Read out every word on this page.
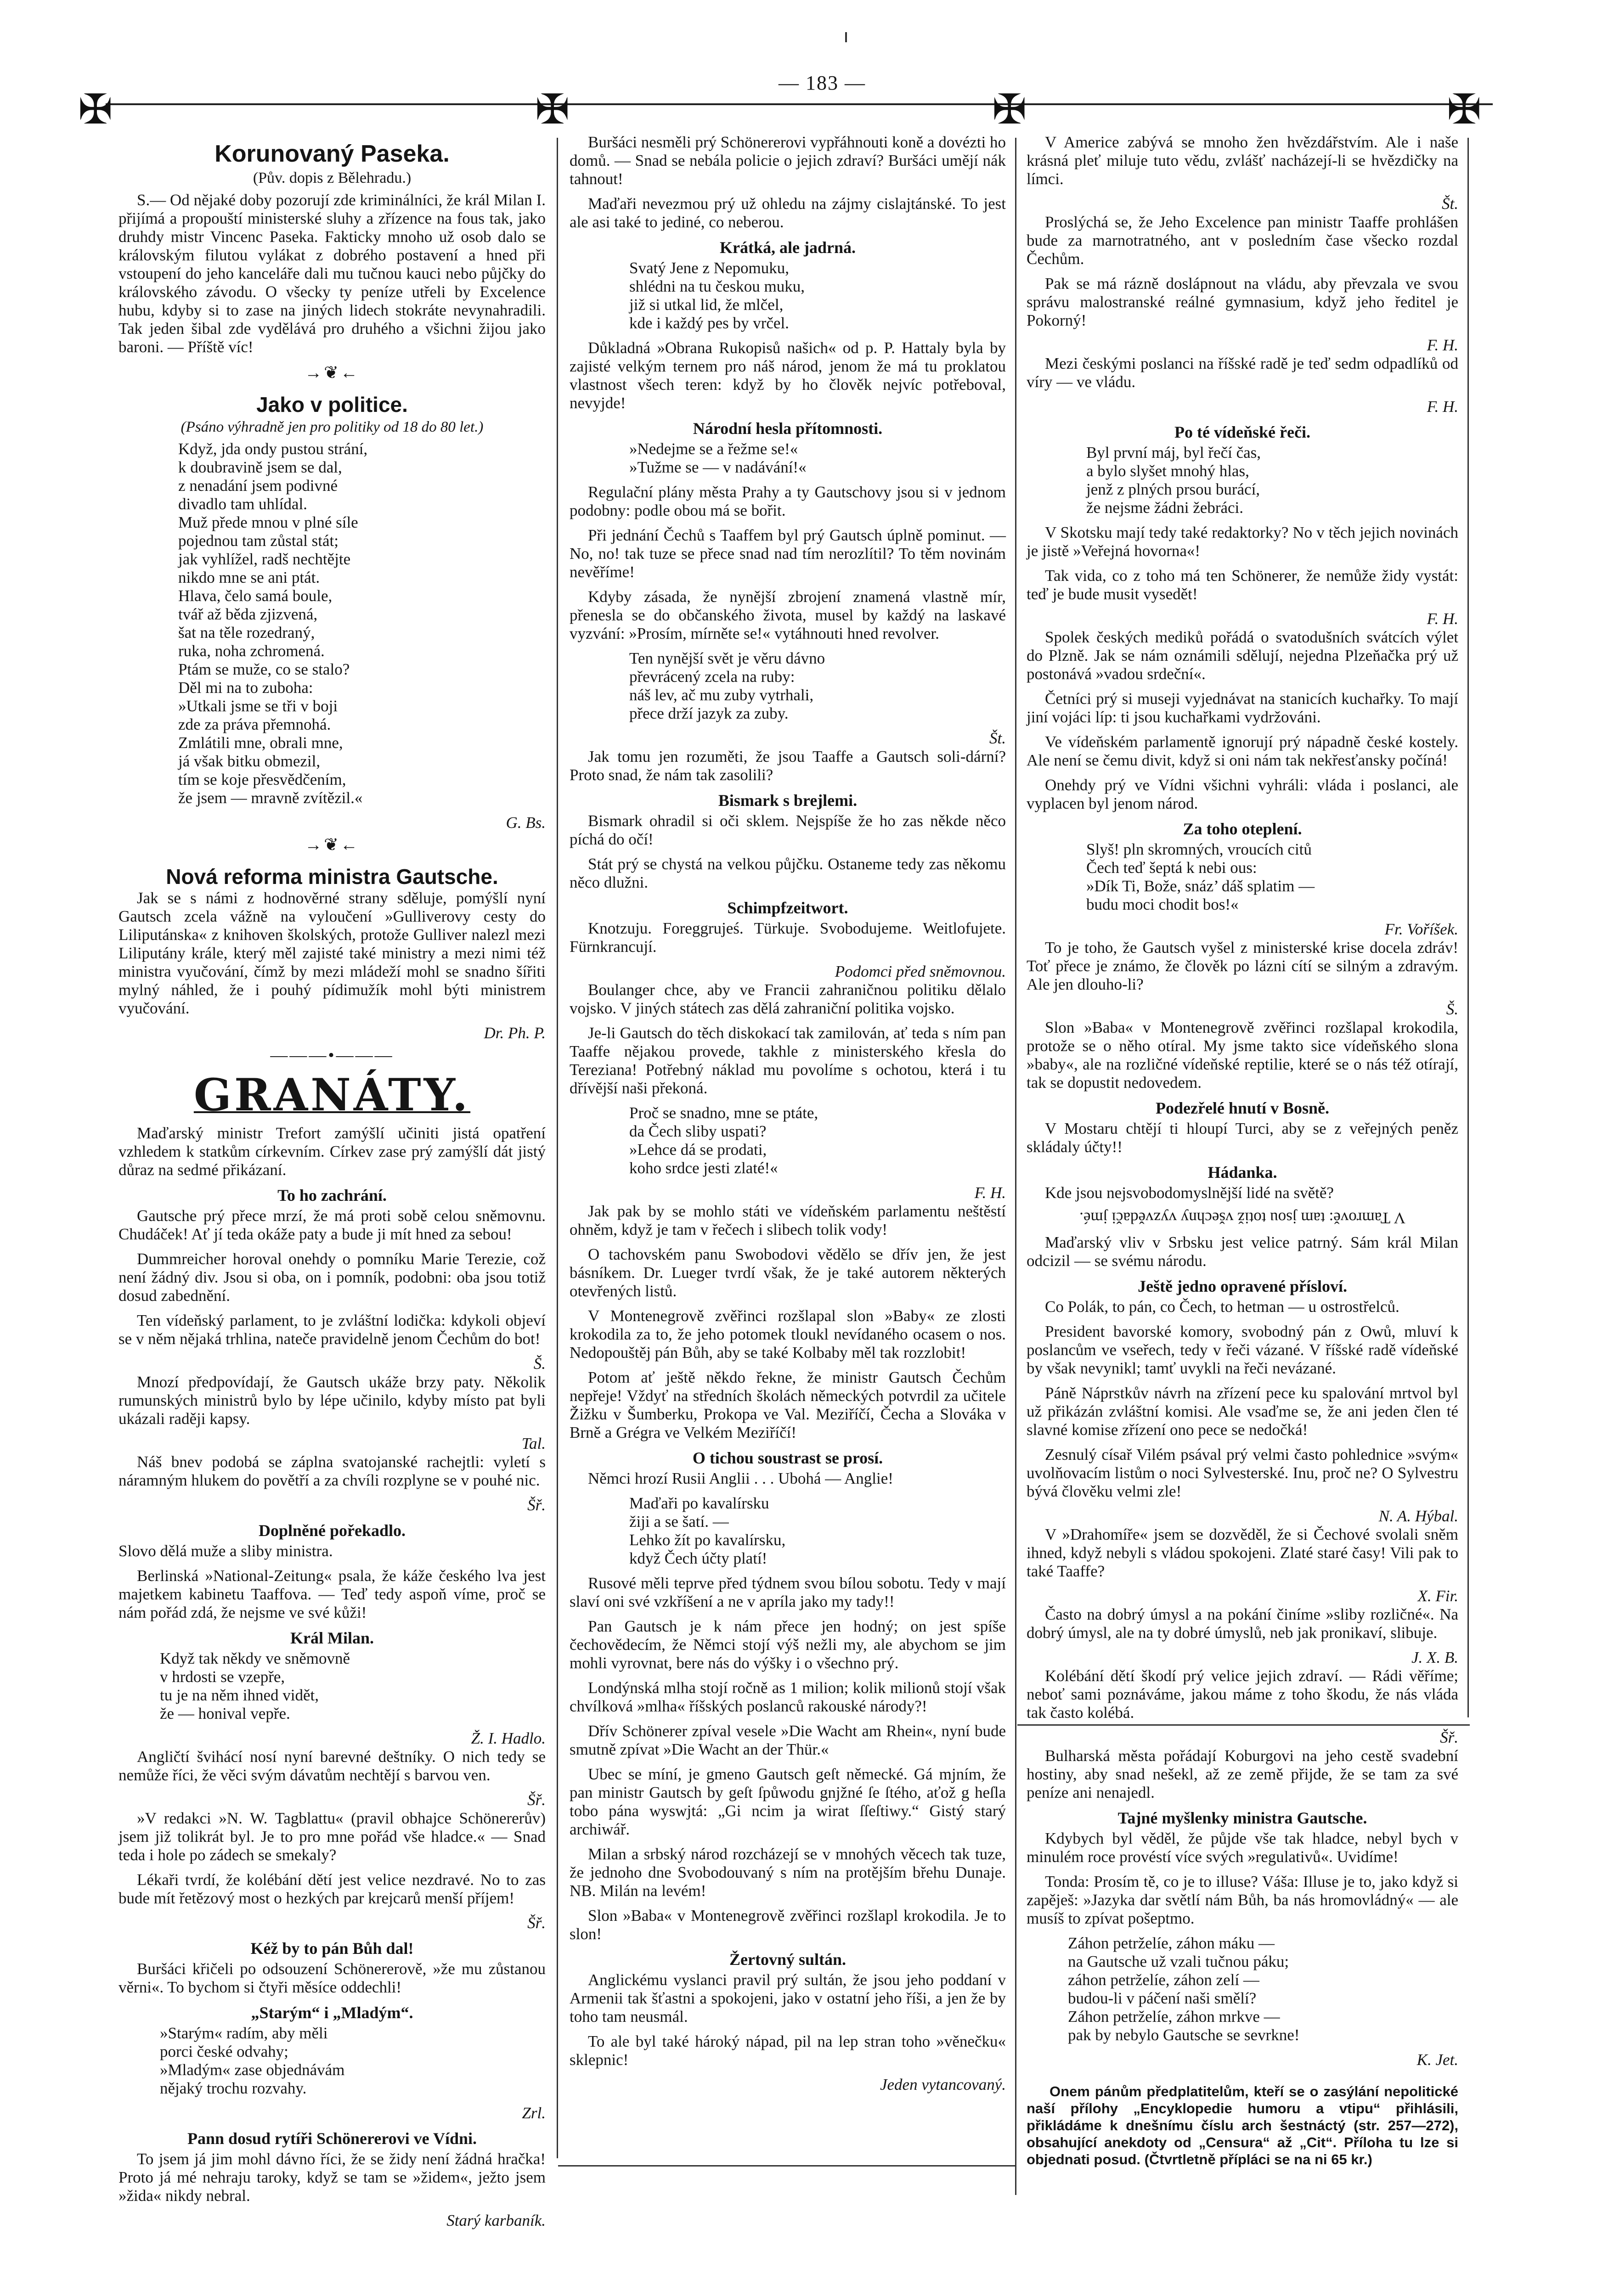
— 183 —
✠	✠	✠	✠
Korunovaný Paseka.
(Pův. dopis z Bělehradu.)

S.— Od nějaké doby pozorují zde kriminálníci, že král Milan I. přijímá a propouští ministerské sluhy a zřízence na fous tak, jako druhdy mistr Vincenc Paseka. Fakticky mnoho už osob dalo se královským filutou vylákat z dobrého postavení a hned při vstoupení do jeho kanceláře dali mu tučnou kauci nebo půjčky do královského závodu. O všecky ty peníze utřeli by Excelence hubu, kdyby si to zase na jiných lidech stokráte nevynahradili. Tak jeden šibal zde vydělává pro druhého a všichni žijou jako baroni. — Příště víc!

→❦←
Jako v politice.
(Psáno výhradně jen pro politiky od 18 do 80 let.)
Když, jda ondy pustou strání,
k doubravině jsem se dal,
z nenadání jsem podivné
divadlo tam uhlídal.
Muž přede mnou v plné síle
pojednou tam zůstal stát;
jak vyhlížel, radš nechtějte
nikdo mne se ani ptát.
Hlava, čelo samá boule,
tvář až běda zjizvená,
šat na těle rozedraný,
ruka, noha zchromená.
Ptám se muže, co se stalo?
Děl mi na to zuboha:
»Utkali jsme se tři v boji
zde za práva přemnohá.
Zmlátili mne, obrali mne,
já však bitku obmezil,
tím se koje přesvědčením,
že jsem — mravně zvítězil.«
G. Bs.
→❦←
Nová reforma ministra Gautsche.

Jak se s námi z hodnověrné strany sděluje, pomýšlí nyní Gautsch zcela vážně na vyloučení »Gulliverovy cesty do Liliputánska« z knihoven školských, protože Gulliver nalezl mezi Liliputány krále, který měl zajisté také ministry a mezi nimi též ministra vyučování, čímž by mezi mládeží mohl se snadno šířiti mylný náhled, že i pouhý pídimužík mohl býti ministrem vyučování.

Dr. Ph. P.
———•———
GRANÁTY.

Maďarský ministr Trefort zamýšlí učiniti jistá opatření vzhledem k statkům církevním. Církev zase prý zamýšlí dát jistý důraz na sedmé přikázaní.

To ho zachrání.

Gautsche prý přece mrzí, že má proti sobě celou sněmovnu. Chudáček! Ať jí teda okáže paty a bude ji mít hned za sebou!

Dummreicher horoval onehdy o pomníku Marie Terezie, což není žádný div. Jsou si oba, on i pomník, podobni: oba jsou totiž dosud zabednění.

Ten vídeňský parlament, to je zvláštní lodička: kdykoli objeví se v něm nějaká trhlina, nateče pravidelně jenom Čechům do bot!

Š.

Mnozí předpovídají, že Gautsch ukáže brzy paty. Několik rumunských ministrů bylo by lépe učinilo, kdyby místo pat byli ukázali raději kapsy.

Tal.

Náš bnev podobá se záplna svatojanské rachejtli: vyletí s náramným hlukem do povětří a za chvíli rozplyne se v pouhé nic.

Šř.
Doplněné pořekadlo.

Slovo dělá muže a sliby ministra.

Berlinská »National-Zeitung« psala, že káže českého lva jest majetkem kabinetu Taaffova. — Teď tedy aspoň víme, proč se nám pořád zdá, že nejsme ve své kůži!

Král Milan.
Když tak někdy ve sněmovně
v hrdosti se vzepře,
tu je na něm ihned vidět,
že — honival vepře.
Ž. I. Hadlo.

Angličtí švihácí nosí nyní barevné deštníky. O nich tedy se nemůže říci, že věci svým dávatům nechtějí s barvou ven.

Šř.

»V redakci »N. W. Tagblattu« (pravil obhajce Schönererův) jsem již tolikrát byl. Je to pro mne pořád vše hladce.« — Snad teda i hole po zádech se smekaly?

Lékaři tvrdí, že kolébání dětí jest velice nezdravé. No to zas bude mít řetězový most o hezkých par krejcarů menší příjem!

Šř.
Kéž by to pán Bůh dal!

Buršáci křičeli po odsouzení Schönererově, »že mu zůstanou věrni«. To bychom si čtyři měsíce oddechli!

„Starým“ i „Mladým“.
»Starým« radím, aby měli
porci české odvahy;
»Mladým« zase objednávám
nějaký trochu rozvahy.
Zrl.
Pann dosud rytíři Schönererovi ve Vídni.

To jsem já jim mohl dávno říci, že se židy není žádná hračka! Proto já mé nehraju taroky, když se tam se »židem«, ježto jsem »žida« nikdy nebral.

Starý karbaník.

Buršáci nesměli prý Schönererovi vypřáhnouti koně a dovézti ho domů. — Snad se nebála policie o jejich zdraví? Buršáci umějí nák tahnout!

Maďaři nevezmou prý už ohledu na zájmy cislajtánské. To jest ale asi také to jediné, co neberou.

Krátká, ale jadrná.
Svatý Jene z Nepomuku,
shlédni na tu českou muku,
již si utkal lid, že mlčel,
kde i každý pes by vrčel.

Důkladná »Obrana Rukopisů našich« od p. P. Hattaly byla by zajisté velkým ternem pro náš národ, jenom že má tu proklatou vlastnost všech teren: když by ho člověk nejvíc potřeboval, nevyjde!

Národní hesla přítomnosti.
»Nedejme se a řežme se!«
»Tužme se — v nadávání!«

Regulační plány města Prahy a ty Gautschovy jsou si v jednom podobny: podle obou má se bořit.

Při jednání Čechů s Taaffem byl prý Gautsch úplně pominut. — No, no! tak tuze se přece snad nad tím nerozlítil? To těm novinám nevěříme!

Kdyby zásada, že nynější zbrojení znamená vlastně mír, přenesla se do občanského života, musel by každý na laskavé vyzvání: »Prosím, mírněte se!« vytáhnouti hned revolver.

Ten nynější svět je věru dávno
převrácený zcela na ruby:
náš lev, ač mu zuby vytrhali,
přece drží jazyk za zuby.
Št.

Jak tomu jen rozuměti, že jsou Taaffe a Gautsch soli-dární? Proto snad, že nám tak zasolili?

Bismark s brejlemi.

Bismark ohradil si oči sklem. Nejspíše že ho zas někde něco píchá do očí!

Stát prý se chystá na velkou půjčku. Ostaneme tedy zas někomu něco dlužni.

Schimpfzeitwort.

Knotzuju. Foreggrujeś. Türkuje. Svobodujeme. Weitlofujete. Fürnkrancují.

Podomci před sněmovnou.

Boulanger chce, aby ve Francii zahraničnou politiku dělalo vojsko. V jiných státech zas dělá zahraniční politika vojsko.

Je-li Gautsch do těch diskokací tak zamilován, ať teda s ním pan Taaffe nějakou provede, takhle z ministerského křesla do Tereziana! Potřebný náklad mu povolíme s ochotou, která i tu dřívější naši překoná.

Proč se snadno, mne se ptáte,
da Čech sliby uspati?
»Lehce dá se prodati,
koho srdce jesti zlaté!«
F. H.

Jak pak by se mohlo státi ve vídeňském parlamentu neštěstí ohněm, když je tam v řečech i slibech tolik vody!

O tachovském panu Swobodovi vědělo se dřív jen, že jest básníkem. Dr. Lueger tvrdí však, že je také autorem některých otevřených listů.

V Montenegrově zvěřinci rozšlapal slon »Baby« ze zlosti krokodila za to, že jeho potomek tloukl nevídaného ocasem o nos. Nedopouštěj pán Bůh, aby se také Kolbaby měl tak rozzlobit!

Potom ať ještě někdo řekne, že ministr Gautsch Čechům nepřeje! Vždyť na středních školách německých potvrdil za učitele Žižku v Šumberku, Prokopa ve Val. Meziříčí, Čecha a Slováka v Brně a Grégra ve Velkém Meziříčí!

O tichou soustrast se prosí.

Němci hrozí Rusii Anglii . . . Ubohá — Anglie!

Maďaři po kavalírsku
žiji a se šatí. —
Lehko žít po kavalírsku,
když Čech účty platí!

Rusové měli teprve před týdnem svou bílou sobotu. Tedy v mají slaví oni své vzkříšení a ne v apríla jako my tady!!

Pan Gautsch je k nám přece jen hodný; on jest spíše čechovědecím, že Němci stojí výš nežli my, ale abychom se jim mohli vyrovnat, bere nás do výšky i o všechno prý.

Londýnská mlha stojí ročně as 1 milion; kolik milionů stojí však chvílková »mlha« říšských poslanců rakouské národy?!

Dřív Schönerer zpíval vesele »Die Wacht am Rhein«, nyní bude smutně zpívat »Die Wacht an der Thür.«

Ubec se míní, je gmeno Gautsch geſt německé. Gá mjním, že pan ministr Gautsch by geſt ſpůwodu gnjžné ſe ſtého, aťož g heſla tobo pána wyswjtá: „Gi ncim ja wirat ſſeſtiwy.“ Gistý starý archiwář.

Milan a srbský národ rozcházejí se v mnohých věcech tak tuze, že jednoho dne Svobodouvaný s ním na protějším břehu Dunaje. NB. Milán na levém!

Slon »Baba« v Montenegrově zvěřinci rozšlapl krokodila. Je to slon!

Žertovný sultán.

Anglickému vyslanci pravil prý sultán, že jsou jeho poddaní v Armenii tak šťastni a spokojeni, jako v ostatní jeho říši, a jen že by toho tam neusmál.

To ale byl také hároký nápad, pil na lep stran toho »věnečku« sklepnic!

Jeden vytancovaný.

V Americe zabývá se mnoho žen hvězdářstvím. Ale i naše krásná pleť miluje tuto vědu, zvlášť nacházejí-li se hvězdičky na límci.

Št.

Proslýchá se, že Jeho Excelence pan ministr Taaffe prohlášen bude za marnotratného, ant v posledním čase všecko rozdal Čechům.

Pak se má rázně doslápnout na vládu, aby převzala ve svou správu malostranské reálné gymnasium, když jeho ředitel je Pokorný!

F. H.

Mezi českými poslanci na říšské radě je teď sedm odpadlíků od víry — ve vládu.

F. H.
Po té vídeňské řeči.
Byl první máj, byl řečí čas,
a bylo slyšet mnohý hlas,
jenž z plných prsou burácí,
že nejsme žádni žebráci.

V Skotsku mají tedy také redaktorky? No v těch jejich novinách je jistě »Veřejná hovorna«!

Tak vida, co z toho má ten Schönerer, že nemůže židy vystát: teď je bude musit vysedět!

F. H.

Spolek českých mediků pořádá o svatodušních svátcích výlet do Plzně. Jak se nám oznámili sdělují, nejedna Plzeňačka prý už postonává »vadou srdeční«.

Četníci prý si museji vyjednávat na stanicích kuchařky. To mají jiní vojáci líp: ti jsou kuchařkami vydržováni.

Ve vídeňském parlamentě ignorují prý nápadně české kostely. Ale není se čemu divit, když si oni nám tak nekřesťansky počíná!

Onehdy prý ve Vídni všichni vyhráli: vláda i poslanci, ale vyplacen byl jenom národ.

Za toho oteplení.
Slyš! pln skromných, vroucích citů
Čech teď šeptá k nebi ous:
»Dík Ti, Bože, snáz’ dáš splatim —
budu moci chodit bos!«
Fr. Voříšek.

To je toho, že Gautsch vyšel z ministerské krise docela zdráv! Toť přece je známo, že člověk po lázni cítí se silným a zdravým. Ale jen dlouho-li?

Š.

Slon »Baba« v Montenegrově zvěřinci rozšlapal krokodila, protože se o něho otíral. My jsme takto sice vídeňského slona »baby«, ale na rozličné vídeňské reptilie, které se o nás též otírají, tak se dopustit nedovedem.

Podezřelé hnutí v Bosně.

V Mostaru chtějí ti hloupí Turci, aby se z veřejných peněz skládaly účty!!

Hádanka.

Kde jsou nejsvobodomyslnější lidé na světě?

V Tamrově: tam jsou totiž všechny vyzvědači jmé.

Maďarský vliv v Srbsku jest velice patrný. Sám král Milan odcizil — se svému národu.

Ještě jedno opravené přísloví.

Co Polák, to pán, co Čech, to hetman — u ostrostřelců.

President bavorské komory, svobodný pán z Owů, mluví k poslancům ve vseřech, tedy v řeči vázané. V říšské radě vídeňské by však nevynikl; tamť uvykli na řeči nevázané.

Páně Náprstkův návrh na zřízení pece ku spalování mrtvol byl už přikázán zvláštní komisi. Ale vsaďme se, že ani jeden člen té slavné komise zřízení ono pece se nedočká!

Zesnulý císař Vilém psával prý velmi často pohlednice »svým« uvolňovacím listům o noci Sylvesterské. Inu, proč ne? O Sylvestru bývá člověku velmi zle!

N. A. Hýbal.

V »Drahomíře« jsem se dozvěděl, že si Čechové svolali sněm ihned, když nebyli s vládou spokojeni. Zlaté staré časy! Vili pak to také Taaffe?

X. Fir.

Často na dobrý úmysl a na pokání činíme »sliby rozličné«. Na dobrý úmysl, ale na ty dobré úmyslů, neb jak pronikaví, slibuje.

J. X. B.

Kolébání dětí škodí prý velice jejich zdraví. — Rádi věříme; neboť sami poznáváme, jakou máme z toho škodu, že nás vláda tak často kolébá.

Šř.

Bulharská města pořádají Koburgovi na jeho cestě svadební hostiny, aby snad nešekl, až ze země přijde, že se tam za své peníze ani nenajedl.

Tajné myšlenky ministra Gautsche.

Kdybych byl věděl, že půjde vše tak hladce, nebyl bych v minulém roce provéstí více svých »regulativů«. Uvidíme!

Tonda: Prosím tě, co je to illuse? Váša: Illuse je to, jako když si zapěješ: »Jazyka dar světlí nám Bůh, ba nás hromovládný« — ale musíš to zpívat pošeptmo.

Záhon petrželíe, záhon máku —
na Gautsche už vzali tučnou páku;
záhon petrželíe, záhon zelí —
budou-li v páčení naši smělí?
Záhon petrželíe, záhon mrkve —
pak by nebylo Gautsche se sevrkne!
K. Jet.
Onem pánům předplatitelům, kteří se o zasýlání nepolitické naší přílohy „Encyklopedie humoru a vtipu“ přihlásili, přikládáme k dnešnímu číslu arch šestnáctý (str. 257—272), obsahující anekdoty od „Censura“ až „Cit“. Příloha tu lze si objednati posud. (Čtvrtletně přípláci se na ni 65 kr.)
